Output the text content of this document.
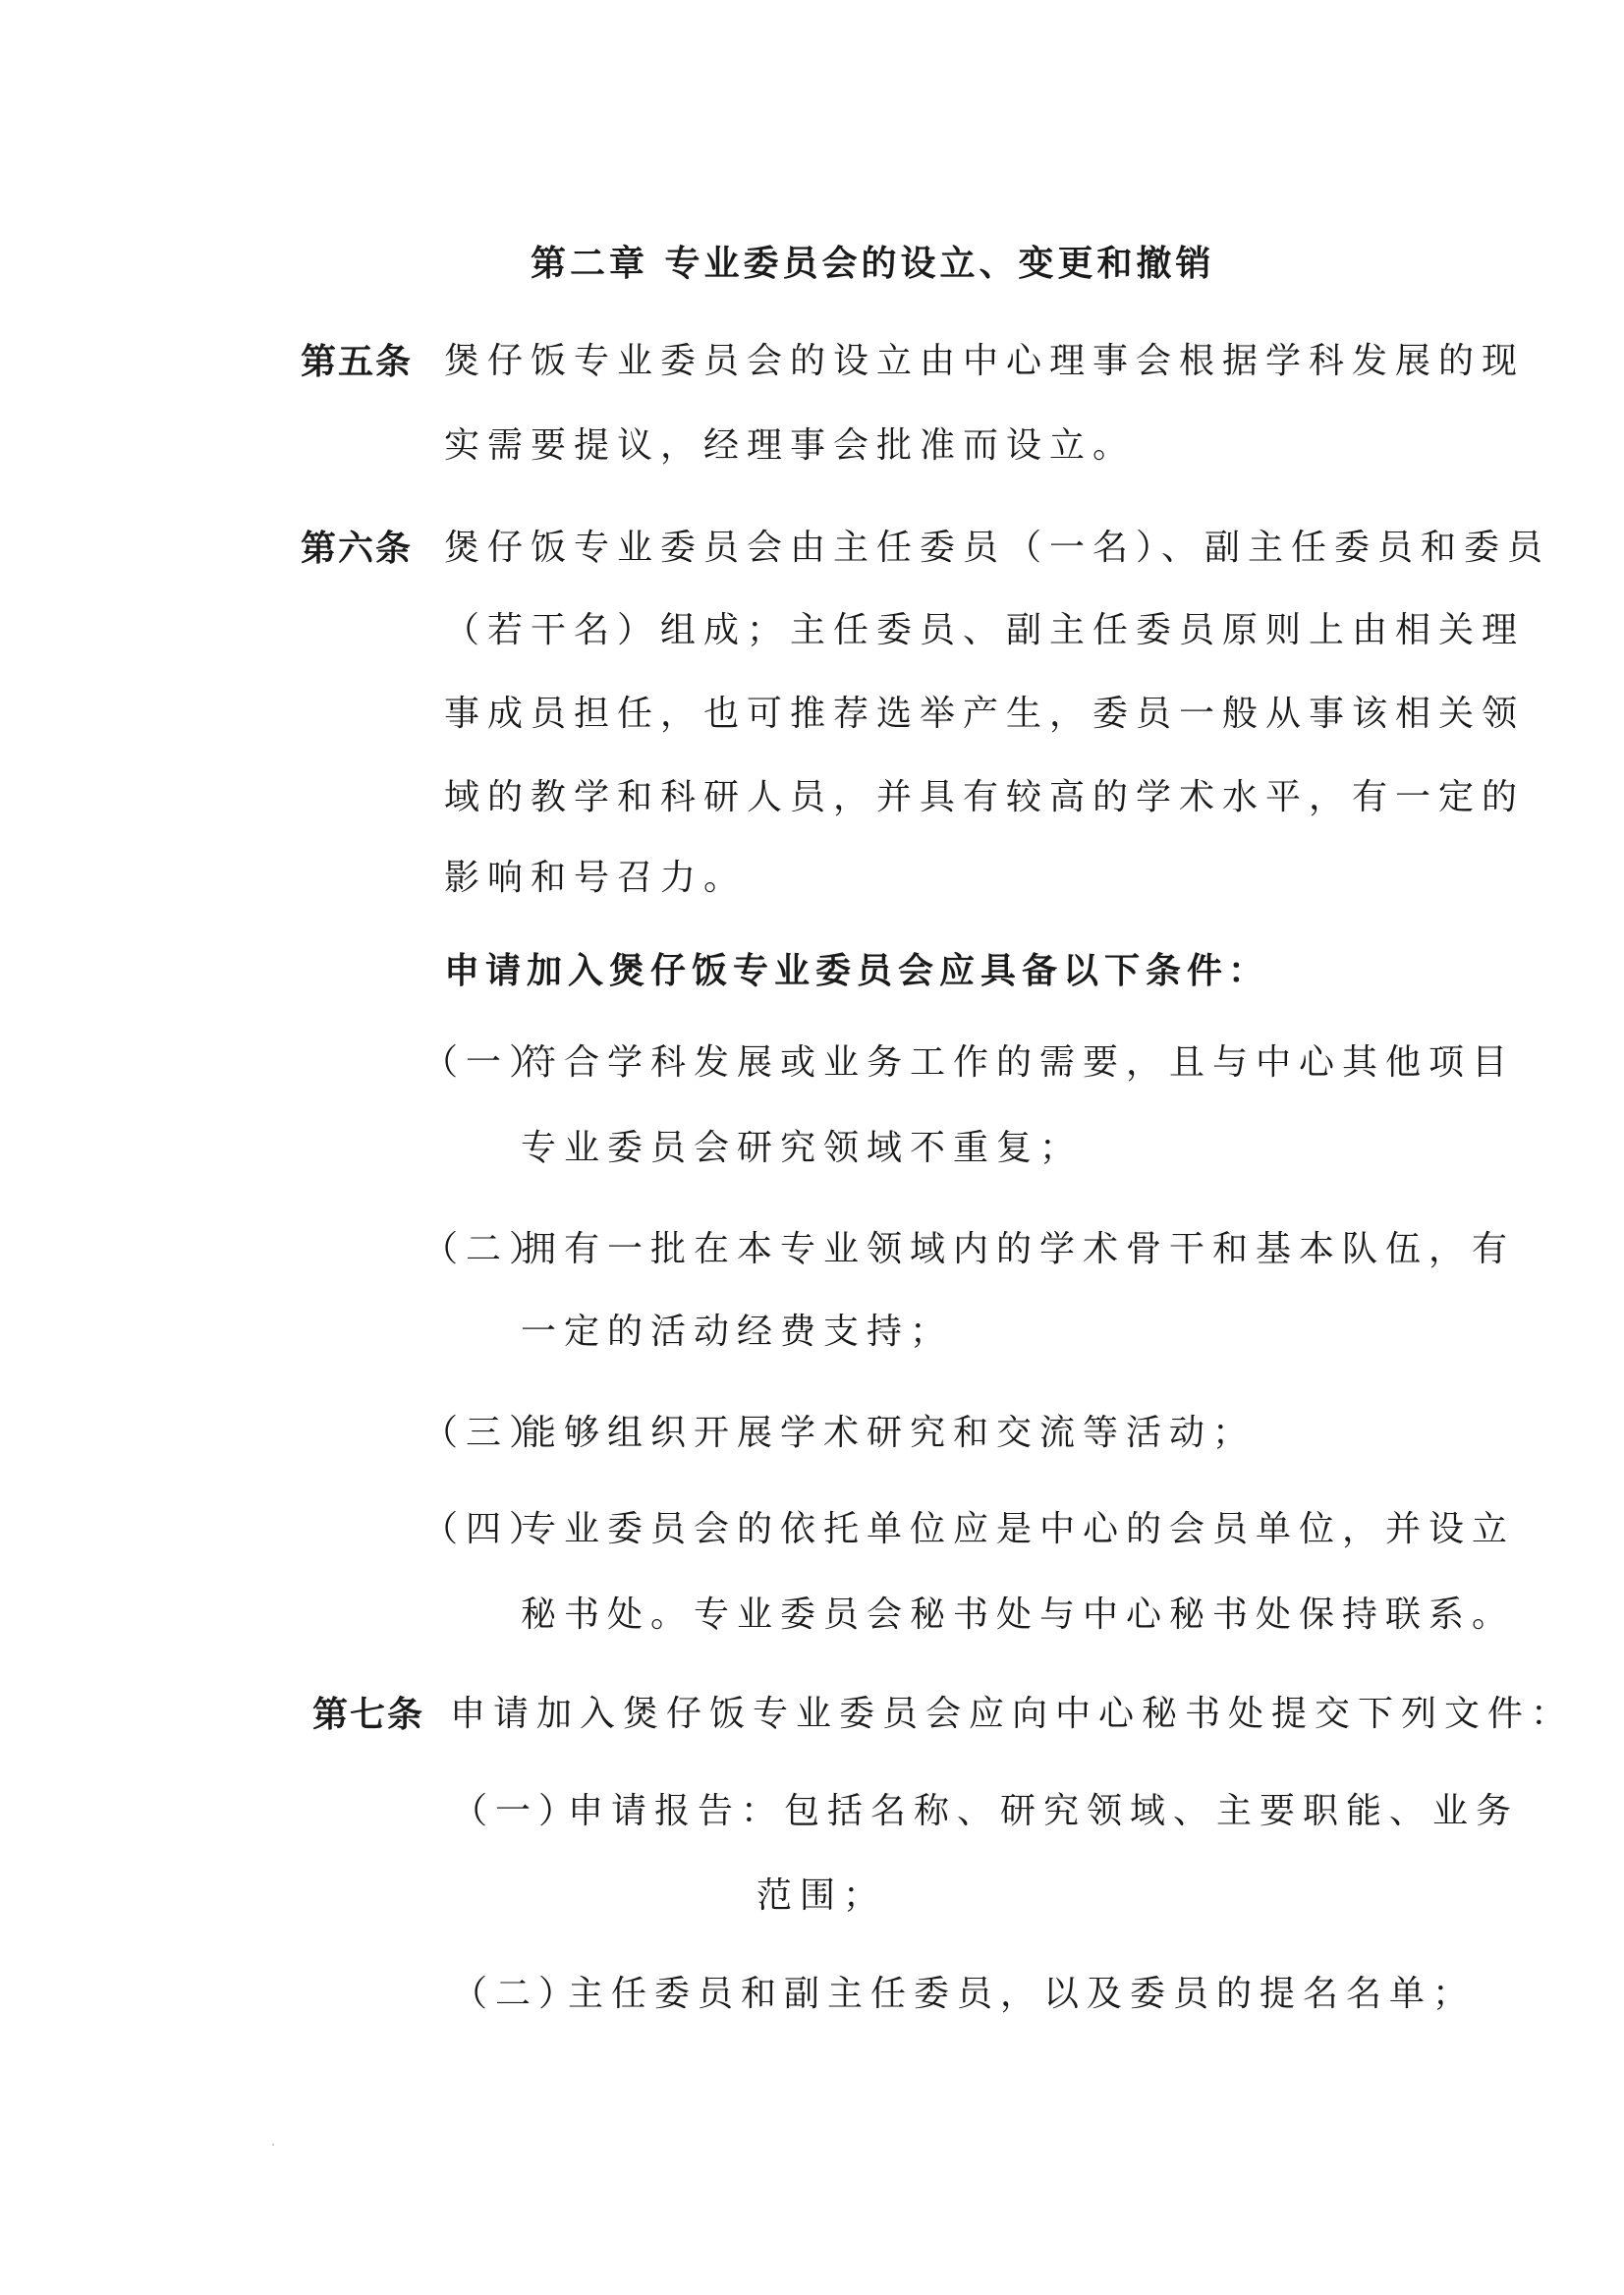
第二章 专业委员会的设立、变更和撤销
第五条 煲仔饭专业委员会的设立由中心理事会根据学科发展的现
实需要提议，经理事会批准而设立。
第六条 煲仔饭专业委员会由主任委员（一名）、副主任委员和委员
（若干名）组成；主任委员、副主任委员原则上由相关理
事成员担任，也可推荐选举产生，委员一般从事该相关领
域的教学和科研人员，并具有较高的学术水平，有一定的
影响和号召力。
申请加入煲仔饭专业委员会应具备以下条件：
（一）
符合学科发展或业务工作的需要，且与中心其他项目
专业委员会研究领域不重复；
（二）
拥有一批在本专业领域内的学术骨干和基本队伍，有
一定的活动经费支持；
（三）
能够组织开展学术研究和交流等活动；
（四）
专业委员会的依托单位应是中心的会员单位，并设立
秘书处。专业委员会秘书处与中心秘书处保持联系。
第七条 申请加入煲仔饭专业委员会应向中心秘书处提交下列文件：
（一）
申请报告：包括名称、研究领域、主要职能、业务
范围；
（二）
主任委员和副主任委员，以及委员的提名名单；
